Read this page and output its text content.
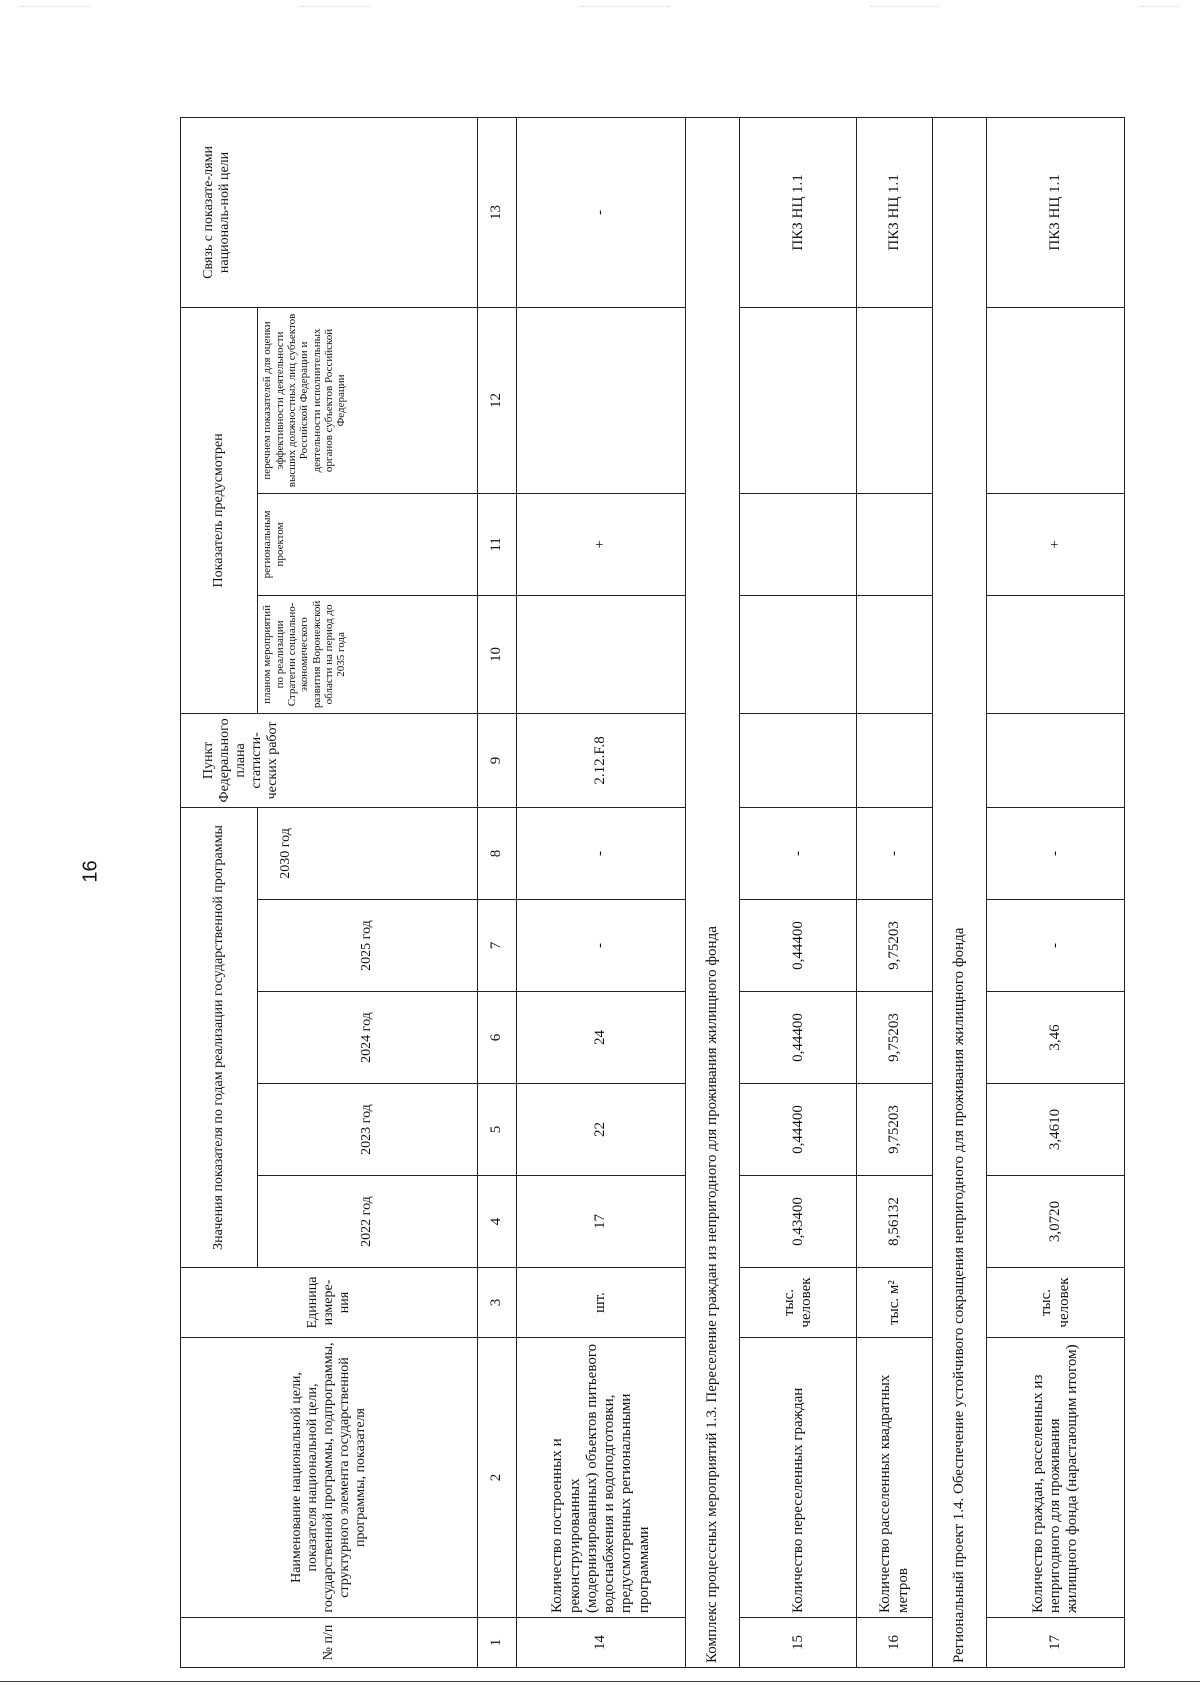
16
№ п/п	Наименование национальной цели, показателя национальной цели, государственной программы, подпрограммы, структурного элемента государственной программы, показателя	Единица измере-ния	Значения показателя по годам реализации государственной программы					Пункт Федерального плана статисти-ческих работ	Показатель предусмотрен			Связь с показате-лями националь-ной цели
			2022 год	2023 год	2024 год	2025 год	2030 год		планом мероприятий по реализации Стратегии социально-экономического развития Воронежской области на период до 2035 года	региональным проектом	перечнем показателей для оценки эффективности деятельности высших должностных лиц субъектов Российской Федерации и деятельности исполнительных органов субъектов Российской Федерации	
1	2	3	4	5	6	7	8	9	10	11	12	13
14	Количество построенных и реконструированных (модернизированных) объектов питьевого водоснабжения и водоподготовки, предусмотренных региональными программами	шт.	17	22	24	-	-	2.12.F.8		+		-
Комплекс процессных мероприятий 1.3. Переселение граждан из непригодного для проживания жилищного фонда												
15	Количество переселенных граждан	тыс. человек	0,43400	0,44400	0,44400	0,44400	-					ПКЗ НЦ 1.1
16	Количество расселенных квадратных метров	тыс. м²	8,56132	9,75203	9,75203	9,75203	-					ПКЗ НЦ 1.1
Региональный проект 1.4. Обеспечение устойчивого сокращения непригодного для проживания жилищного фонда												
17	Количество граждан, расселенных из непригодного для проживания жилищного фонда (нарастающим итогом)	тыс. человек	3,0720	3,4610	3,46	-	-			+		ПКЗ НЦ 1.1
